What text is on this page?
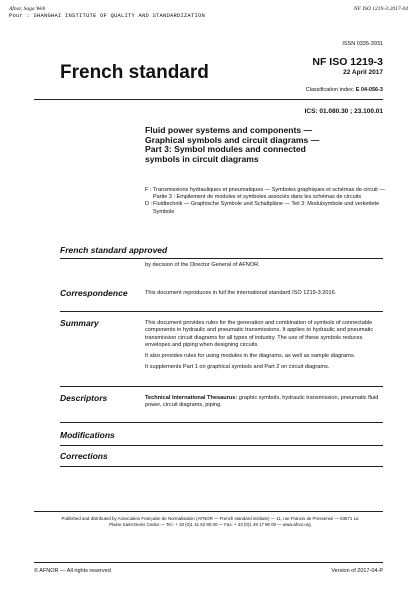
Afnor, Saga Web
Pour : SHANGHAI INSTITUTE OF QUALITY AND STANDARDIZATION
NF ISO 1219-3:2017-04
ISSN 0335-3931
French standard	NF ISO 1219-3
22 April 2017
Classification index: E 04-056-3
ICS: 01.080.30 ; 23.100.01
Fluid power systems and components —
Graphical symbols and circuit diagrams —
Part 3: Symbol modules and connected
symbols in circuit diagrams
F : Transmissions hydrauliques et pneumatiques — Symboles graphiques et schémas de circuit — Partie 3 : Empilement de modules et symboles associés dans les schémas de circuits
D : Fluidtechnik — Graphische Symbole und Schaltpläne — Teil 3: Modulsymbole und verkettete Symbole
French standard approved
by decision of the Director General of AFNOR.
Correspondence	This document reproduces in full the international standard ISO 1219-3:2016.
Summary	This document provides rules for the generation and combination of symbols of connectable components in hydraulic and pneumatic transmissions. It applies to hydraulic and pneumatic transmission circuit diagrams for all types of industry. The use of these symbols reduces envelopes and piping when designing circuits.

It also provides rules for using modules in the diagrams, as well as sample diagrams.

It supplements Part 1 on graphical symbols and Part 2 on circuit diagrams.

Descriptors	Technical International Thesaurus: graphic symbols, hydraulic transmission, pneumatic fluid power, circuit diagrams, piping.
Modifications
Corrections
Published and distributed by Association Française de Normalisation (AFNOR — French standard institute) — 11, rue Francis de Pressensé — 93571 La Plaine Saint-Denis Cedex — Tel.: + 33 (0)1 41 62 80 00 — Fax: + 33 (0)1 49 17 90 00 — www.afnor.org
© AFNOR — All rights reserved	Version of 2017-04-P
